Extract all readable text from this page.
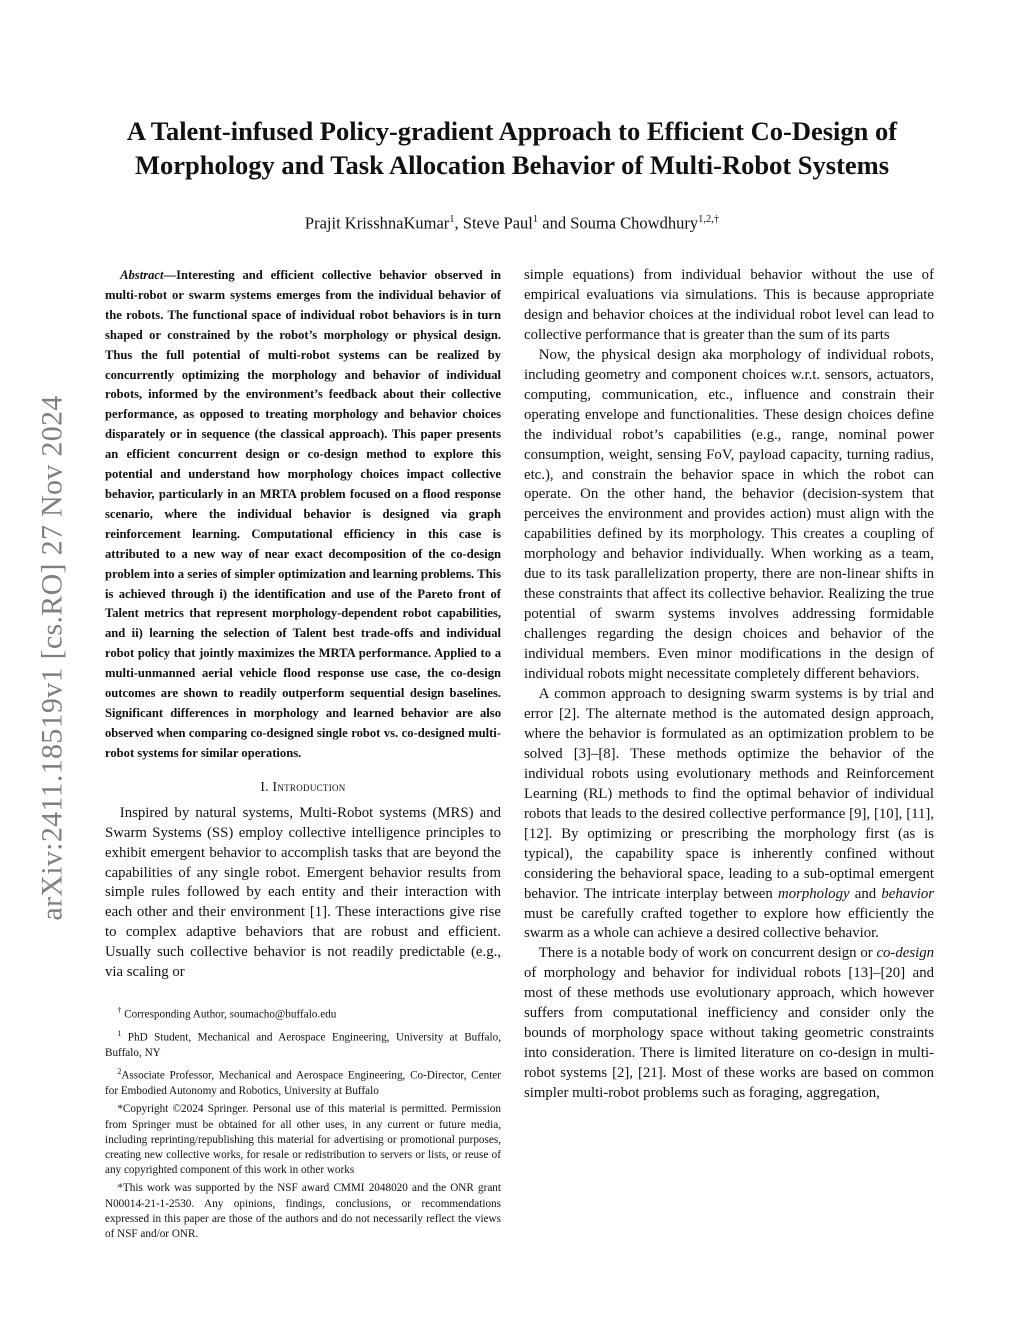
arXiv:2411.18519v1 [cs.RO] 27 Nov 2024
A Talent-infused Policy-gradient Approach to Efficient Co-Design of Morphology and Task Allocation Behavior of Multi-Robot Systems
Prajit KrisshnaKumar$^1$, Steve Paul$^1$ and Souma Chowdhury$^{1,2,\dagger}$

Abstract—Interesting and efficient collective behavior observed in multi-robot or swarm systems emerges from the individual behavior of the robots. The functional space of individual robot behaviors is in turn shaped or constrained by the robot’s morphology or physical design. Thus the full potential of multi-robot systems can be realized by concurrently optimizing the morphology and behavior of individual robots, informed by the environment’s feedback about their collective performance, as opposed to treating morphology and behavior choices disparately or in sequence (the classical approach). This paper presents an efficient concurrent design or co-design method to explore this potential and understand how morphology choices impact collective behavior, particularly in an MRTA problem focused on a flood response scenario, where the individual behavior is designed via graph reinforcement learning. Computational efficiency in this case is attributed to a new way of near exact decomposition of the co-design problem into a series of simpler optimization and learning problems. This is achieved through i) the identification and use of the Pareto front of Talent metrics that represent morphology-dependent robot capabilities, and ii) learning the selection of Talent best trade-offs and individual robot policy that jointly maximizes the MRTA performance. Applied to a multi-unmanned aerial vehicle flood response use case, the co-design outcomes are shown to readily outperform sequential design baselines. Significant differences in morphology and learned behavior are also observed when comparing co-designed single robot vs. co-designed multi-robot systems for similar operations.

I. Introduction

Inspired by natural systems, Multi-Robot systems (MRS) and Swarm Systems (SS) employ collective intelligence principles to exhibit emergent behavior to accomplish tasks that are beyond the capabilities of any single robot. Emergent behavior results from simple rules followed by each entity and their interaction with each other and their environment [1]. These interactions give rise to complex adaptive behaviors that are robust and efficient. Usually such collective behavior is not readily predictable (e.g., via scaling or

† Corresponding Author, soumacho@buffalo.edu

$^1$ PhD Student, Mechanical and Aerospace Engineering, University at Buffalo, Buffalo, NY

$^2$Associate Professor, Mechanical and Aerospace Engineering, Co-Director, Center for Embodied Autonomy and Robotics, University at Buffalo

*Copyright ©2024 Springer. Personal use of this material is permitted. Permission from Springer must be obtained for all other uses, in any current or future media, including reprinting/republishing this material for advertising or promotional purposes, creating new collective works, for resale or redistribution to servers or lists, or reuse of any copyrighted component of this work in other works

*This work was supported by the NSF award CMMI 2048020 and the ONR grant N00014-21-1-2530. Any opinions, findings, conclusions, or recommendations expressed in this paper are those of the authors and do not necessarily reflect the views of NSF and/or ONR.

simple equations) from individual behavior without the use of empirical evaluations via simulations. This is because appropriate design and behavior choices at the individual robot level can lead to collective performance that is greater than the sum of its parts

Now, the physical design aka morphology of individual robots, including geometry and component choices w.r.t. sensors, actuators, computing, communication, etc., influence and constrain their operating envelope and functionalities. These design choices define the individual robot’s capabilities (e.g., range, nominal power consumption, weight, sensing FoV, payload capacity, turning radius, etc.), and constrain the behavior space in which the robot can operate. On the other hand, the behavior (decision-system that perceives the environment and provides action) must align with the capabilities defined by its morphology. This creates a coupling of morphology and behavior individually. When working as a team, due to its task parallelization property, there are non-linear shifts in these constraints that affect its collective behavior. Realizing the true potential of swarm systems involves addressing formidable challenges regarding the design choices and behavior of the individual members. Even minor modifications in the design of individual robots might necessitate completely different behaviors.

A common approach to designing swarm systems is by trial and error [2]. The alternate method is the automated design approach, where the behavior is formulated as an optimization problem to be solved [3]–[8]. These methods optimize the behavior of the individual robots using evolutionary methods and Reinforcement Learning (RL) methods to find the optimal behavior of individual robots that leads to the desired collective performance [9], [10], [11], [12]. By optimizing or prescribing the morphology first (as is typical), the capability space is inherently confined without considering the behavioral space, leading to a sub-optimal emergent behavior. The intricate interplay between morphology and behavior must be carefully crafted together to explore how efficiently the swarm as a whole can achieve a desired collective behavior.

There is a notable body of work on concurrent design or co-design of morphology and behavior for individual robots [13]–[20] and most of these methods use evolutionary approach, which however suffers from computational inefficiency and consider only the bounds of morphology space without taking geometric constraints into consideration. There is limited literature on co-design in multi-robot systems [2], [21]. Most of these works are based on common simpler multi-robot problems such as foraging, aggregation,
